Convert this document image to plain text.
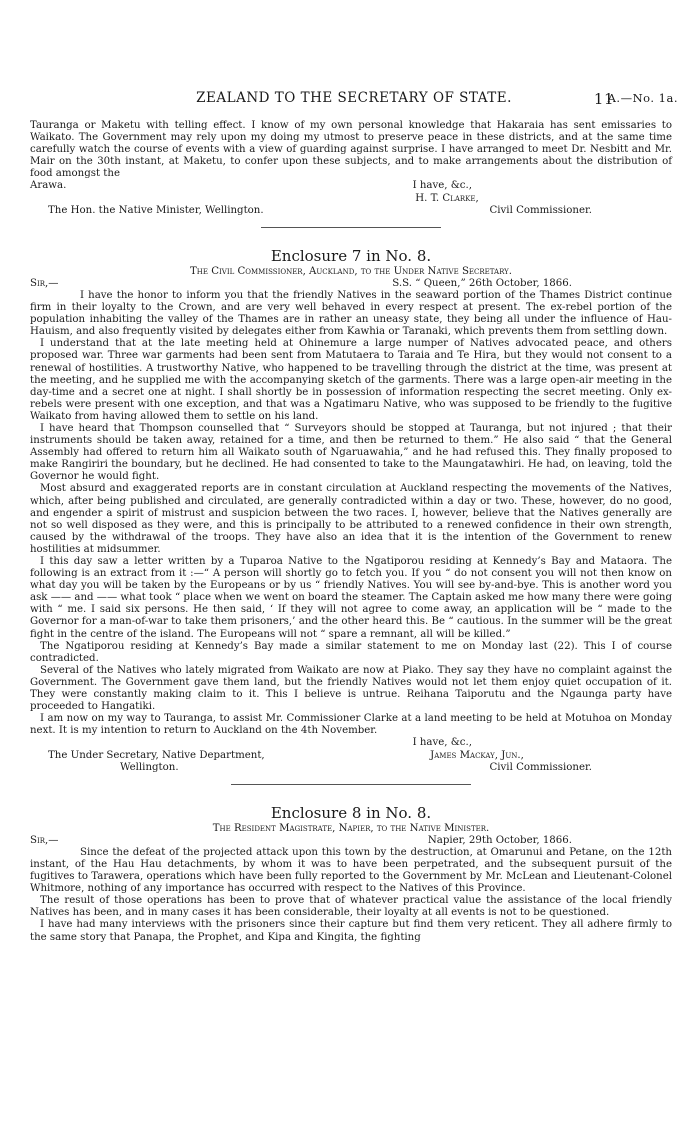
ZEALAND TO THE SECRETARY OF STATE.	11
A.—No. 1a.

Tauranga or Maketu with telling effect. I know of my own personal knowledge that Hakaraia has sent emissaries to Waikato. The Government may rely upon my doing my utmost to preserve peace in these districts, and at the same time carefully watch the course of events with a view of guarding against surprise. I have arranged to meet Dr. Nesbitt and Mr. Mair on the 30th instant, at Maketu, to confer upon these subjects, and to make arrangements about the distribution of food amongst the

Arawa.	I have, &c.,
H. T. Clarke,
The Hon. the Native Minister, Wellington.	Civil Commissioner.
Enclosure 7 in No. 8.
The Civil Commissioner, Auckland, to the Under Native Secretary.
Sir,—	S.S. “ Queen,” 26th October, 1866.

I have the honor to inform you that the friendly Natives in the seaward portion of the Thames District continue firm in their loyalty to the Crown, and are very well behaved in every respect at present. The ex-rebel portion of the population inhabiting the valley of the Thames are in rather an uneasy state, they being all under the influence of Hau-Hauism, and also frequently visited by delegates either from Kawhia or Taranaki, which prevents them from settling down.

I understand that at the late meeting held at Ohinemure a large numper of Natives advocated peace, and others proposed war. Three war garments had been sent from Matutaera to Taraia and Te Hira, but they would not consent to a renewal of hostilities. A trustworthy Native, who happened to be travelling through the district at the time, was present at the meeting, and he supplied me with the accompanying sketch of the garments. There was a large open-air meeting in the day-time and a secret one at night. I shall shortly be in possession of information respecting the secret meeting. Only ex-rebels were present with one exception, and that was a Ngatimaru Native, who was supposed to be friendly to the fugitive Waikato from having allowed them to settle on his land.

I have heard that Thompson counselled that “ Surveyors should be stopped at Tauranga, but not injured ; that their instruments should be taken away, retained for a time, and then be returned to them.” He also said “ that the General Assembly had offered to return him all Waikato south of Ngaruawahia,” and he had refused this. They finally proposed to make Rangiriri the boundary, but he declined. He had consented to take to the Maungatawhiri. He had, on leaving, told the Governor he would fight.

Most absurd and exaggerated reports are in constant circulation at Auckland respecting the movements of the Natives, which, after being published and circulated, are generally contradicted within a day or two. These, however, do no good, and engender a spirit of mistrust and suspicion between the two races. I, however, believe that the Natives generally are not so well disposed as they were, and this is principally to be attributed to a renewed confidence in their own strength, caused by the withdrawal of the troops. They have also an idea that it is the intention of the Government to renew hostilities at midsummer.

I this day saw a letter written by a Tuparoa Native to the Ngatiporou residing at Kennedy’s Bay and Mataora. The following is an extract from it :—“ A person will shortly go to fetch you. If you “ do not consent you will not then know on what day you will be taken by the Europeans or by us “ friendly Natives. You will see by-and-bye. This is another word you ask —— and —— what took “ place when we went on board the steamer. The Captain asked me how many there were going with “ me. I said six persons. He then said, ‘ If they will not agree to come away, an application will be “ made to the Governor for a man-of-war to take them prisoners,’ and the other heard this. Be “ cautious. In the summer will be the great fight in the centre of the island. The Europeans will not “ spare a remnant, all will be killed.”

The Ngatiporou residing at Kennedy’s Bay made a similar statement to me on Monday last (22). This I of course contradicted.

Several of the Natives who lately migrated from Waikato are now at Piako. They say they have no complaint against the Government. The Government gave them land, but the friendly Natives would not let them enjoy quiet occupation of it. They were constantly making claim to it. This I believe is untrue. Reihana Taiporutu and the Ngaunga party have proceeded to Hangatiki.

I am now on my way to Tauranga, to assist Mr. Commissioner Clarke at a land meeting to be held at Motuhoa on Monday next. It is my intention to return to Auckland on the 4th November.

I have, &c.,
The Under Secretary, Native Department,	James Mackay, Jun.,
Wellington.	Civil Commissioner.
Enclosure 8 in No. 8.
The Resident Magistrate, Napier, to the Native Minister.
Sir,—	Napier, 29th October, 1866.

Since the defeat of the projected attack upon this town by the destruction, at Omarunui and Petane, on the 12th instant, of the Hau Hau detachments, by whom it was to have been perpetrated, and the subsequent pursuit of the fugitives to Tarawera, operations which have been fully reported to the Government by Mr. McLean and Lieutenant-Colonel Whitmore, nothing of any importance has occurred with respect to the Natives of this Province.

The result of those operations has been to prove that of whatever practical value the assistance of the local friendly Natives has been, and in many cases it has been considerable, their loyalty at all events is not to be questioned.

I have had many interviews with the prisoners since their capture but find them very reticent. They all adhere firmly to the same story that Panapa, the Prophet, and Kipa and Kingita, the fighting
